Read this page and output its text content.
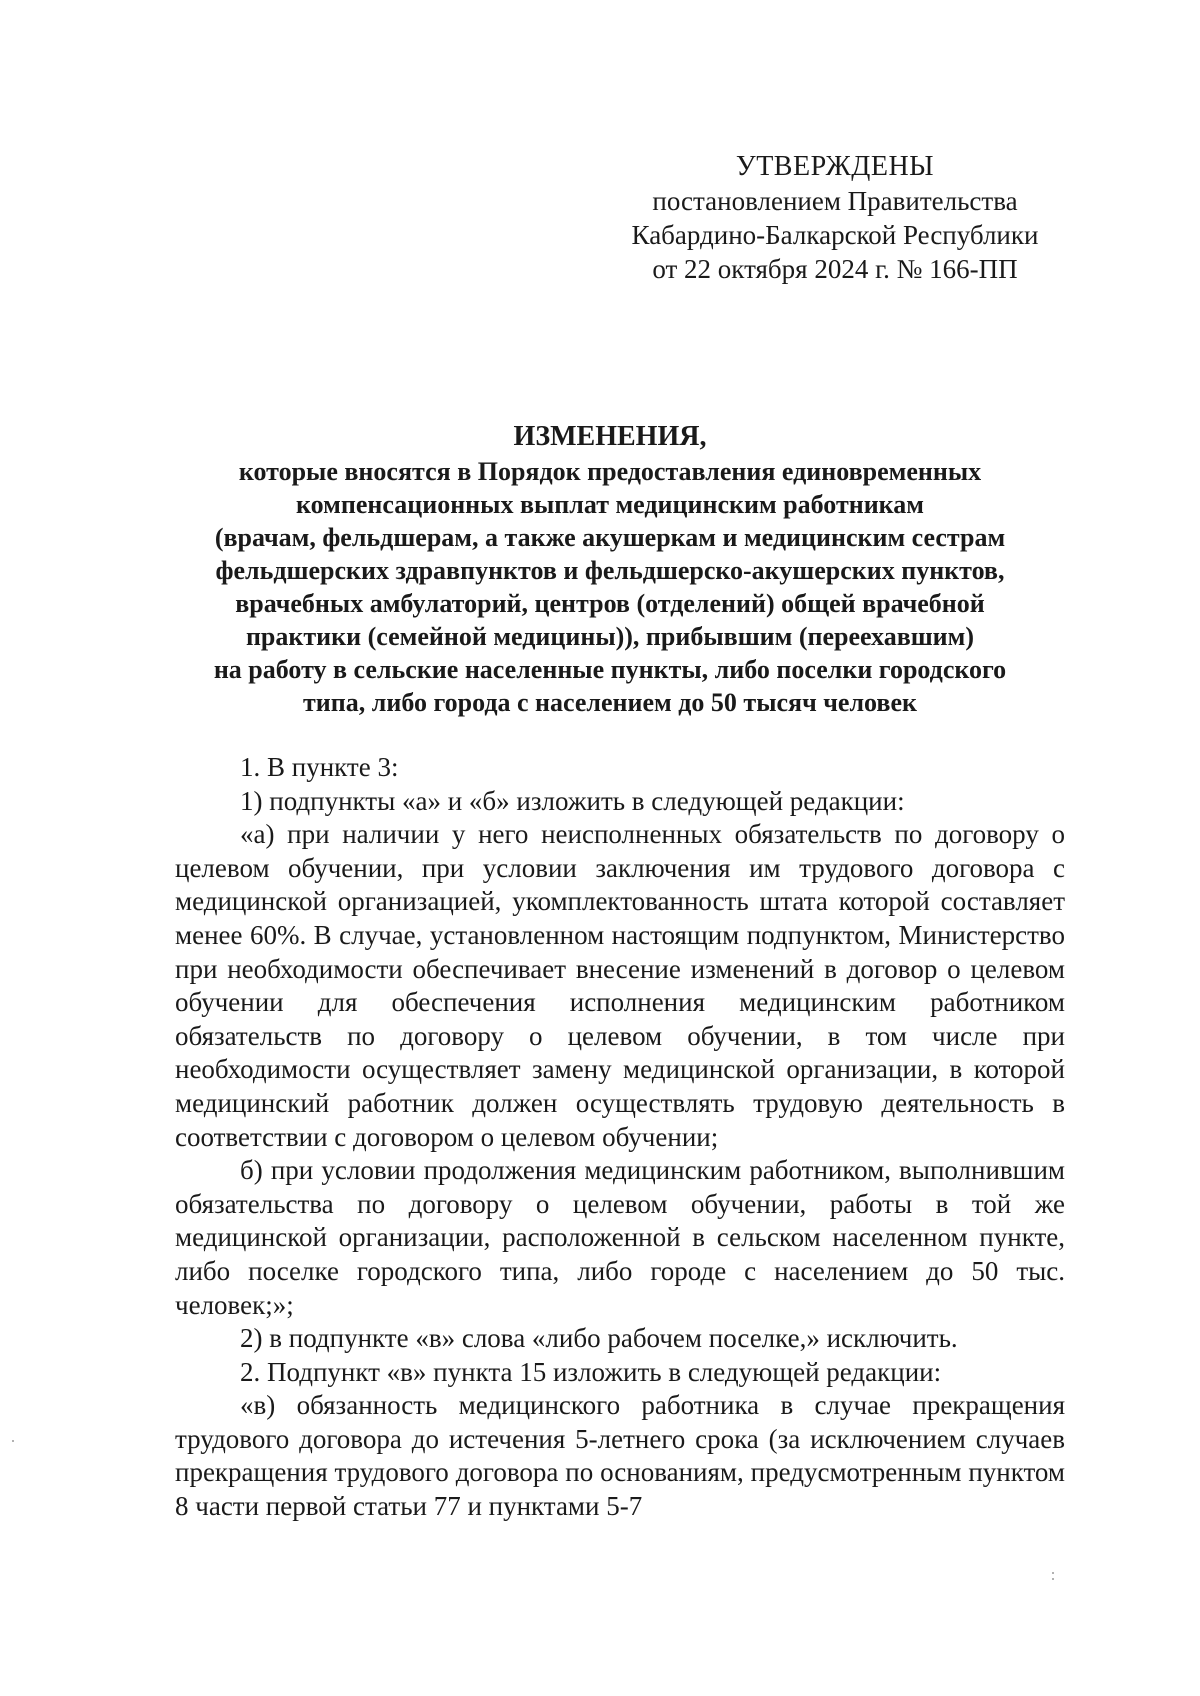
УТВЕРЖДЕНЫ
постановлением Правительства
Кабардино-Балкарской Республики
от 22 октября 2024 г. № 166-ПП
ИЗМЕНЕНИЯ,
которые вносятся в Порядок предоставления единовременных
компенсационных выплат медицинским работникам
(врачам, фельдшерам, а также акушеркам и медицинским сестрам
фельдшерских здравпунктов и фельдшерско-акушерских пунктов,
врачебных амбулаторий, центров (отделений) общей врачебной
практики (семейной медицины)), прибывшим (переехавшим)
на работу в сельские населенные пункты, либо поселки городского
типа, либо города с населением до 50 тысяч человек

1. В пункте 3:

1) подпункты «а» и «б» изложить в следующей редакции:

«а) при наличии у него неисполненных обязательств по договору о целевом обучении, при условии заключения им трудового договора с медицинской организацией, укомплектованность штата которой составляет менее 60%. В случае, установленном настоящим подпунктом, Министерство при необходимости обеспечивает внесение изменений в договор о целевом обучении для обеспечения исполнения медицинским работником обязательств по договору о целевом обучении, в том числе при необходимости осуществляет замену медицинской организации, в которой медицинский работник должен осуществлять трудовую деятельность в соответствии с договором о целевом обучении;

б) при условии продолжения медицинским работником, выполнившим обязательства по договору о целевом обучении, работы в той же медицинской организации, расположенной в сельском населенном пункте, либо поселке городского типа, либо городе с населением до 50 тыс. человек;»;

2) в подпункте «в» слова «либо рабочем поселке,» исключить.

2. Подпункт «в» пункта 15 изложить в следующей редакции:

«в) обязанность медицинского работника в случае прекращения трудового договора до истечения 5-летнего срока (за исключением случаев прекращения трудового договора по основаниям, предусмотренным пунктом 8 части первой статьи 77 и пунктами 5-7
